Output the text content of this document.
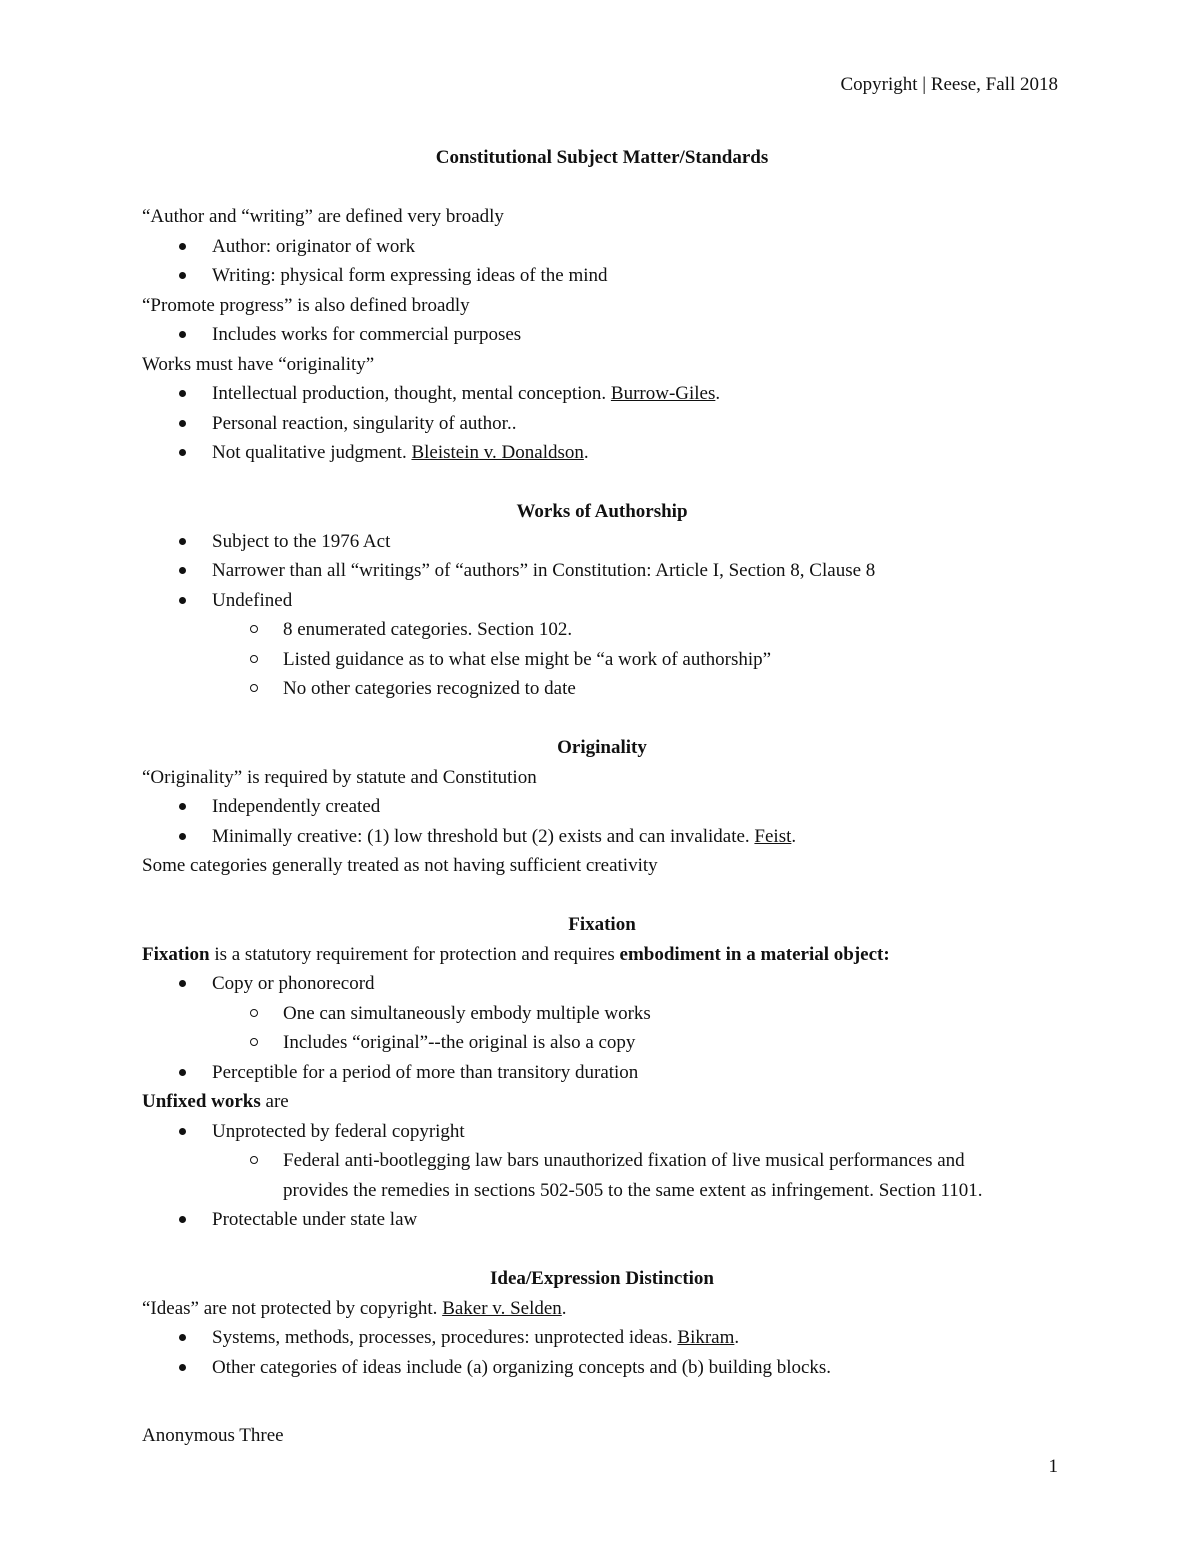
Copyright | Reese, Fall 2018

Constitutional Subject Matter/Standards

“Author and “writing” are defined very broadly

Author: originator of work
Writing: physical form expressing ideas of the mind

“Promote progress” is also defined broadly

Includes works for commercial purposes

Works must have “originality”

Intellectual production, thought, mental conception. Burrow-Giles.
Personal reaction, singularity of author..
Not qualitative judgment. Bleistein v. Donaldson.

Works of Authorship

Subject to the 1976 Act
Narrower than all “writings” of “authors” in Constitution: Article I, Section 8, Clause 8
Undefined
8 enumerated categories. Section 102.
Listed guidance as to what else might be “a work of authorship”
No other categories recognized to date

Originality

“Originality” is required by statute and Constitution

Independently created
Minimally creative: (1) low threshold but (2) exists and can invalidate. Feist.

Some categories generally treated as not having sufficient creativity

Fixation

Fixation is a statutory requirement for protection and requires embodiment in a material object:

Copy or phonorecord
One can simultaneously embody multiple works
Includes “original”--the original is also a copy
Perceptible for a period of more than transitory duration

Unfixed works are

Unprotected by federal copyright
Federal anti-bootlegging law bars unauthorized fixation of live musical performances and
provides the remedies in sections 502-505 to the same extent as infringement. Section 1101.
Protectable under state law

Idea/Expression Distinction

“Ideas” are not protected by copyright. Baker v. Selden.

Systems, methods, processes, procedures: unprotected ideas. Bikram.
Other categories of ideas include (a) organizing concepts and (b) building blocks.
Anonymous Three
1
